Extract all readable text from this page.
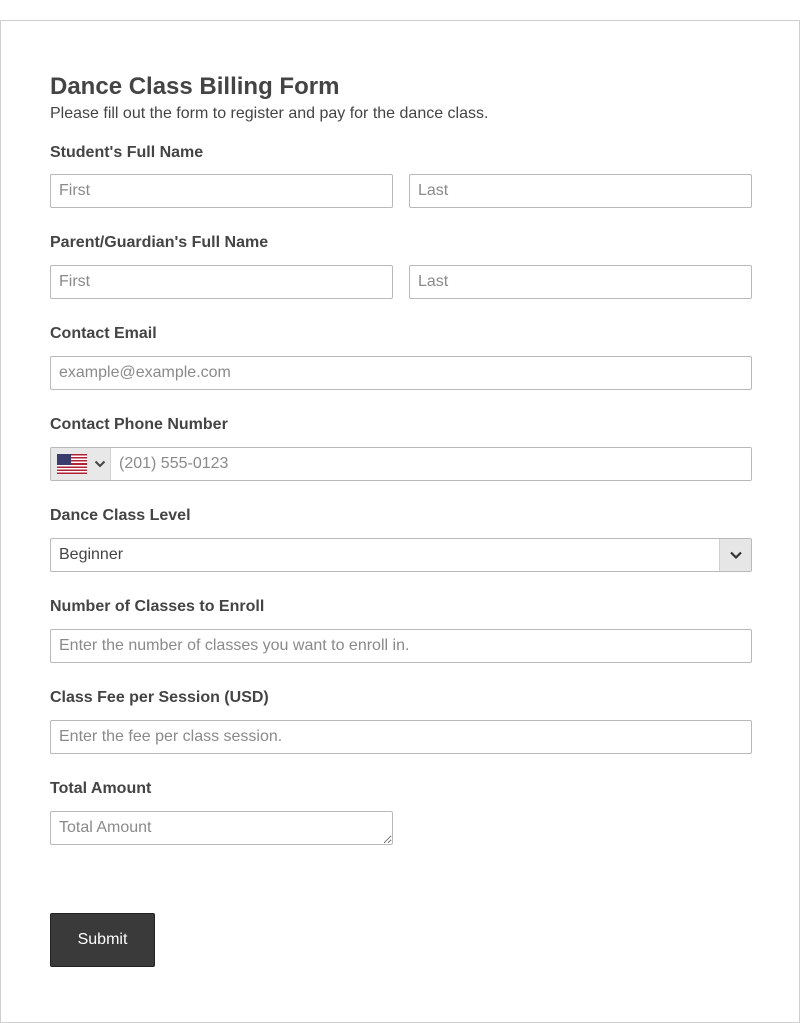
Dance Class Billing Form
Please fill out the form to register and pay for the dance class.
Student's Full Name
First
Last
Parent/Guardian's Full Name
First
Last
Contact Email
example@example.com
Contact Phone Number
(201) 555-0123
Dance Class Level
Beginner
Number of Classes to Enroll
Enter the number of classes you want to enroll in.
Class Fee per Session (USD)
Enter the fee per class session.
Total Amount
Total Amount
Submit
